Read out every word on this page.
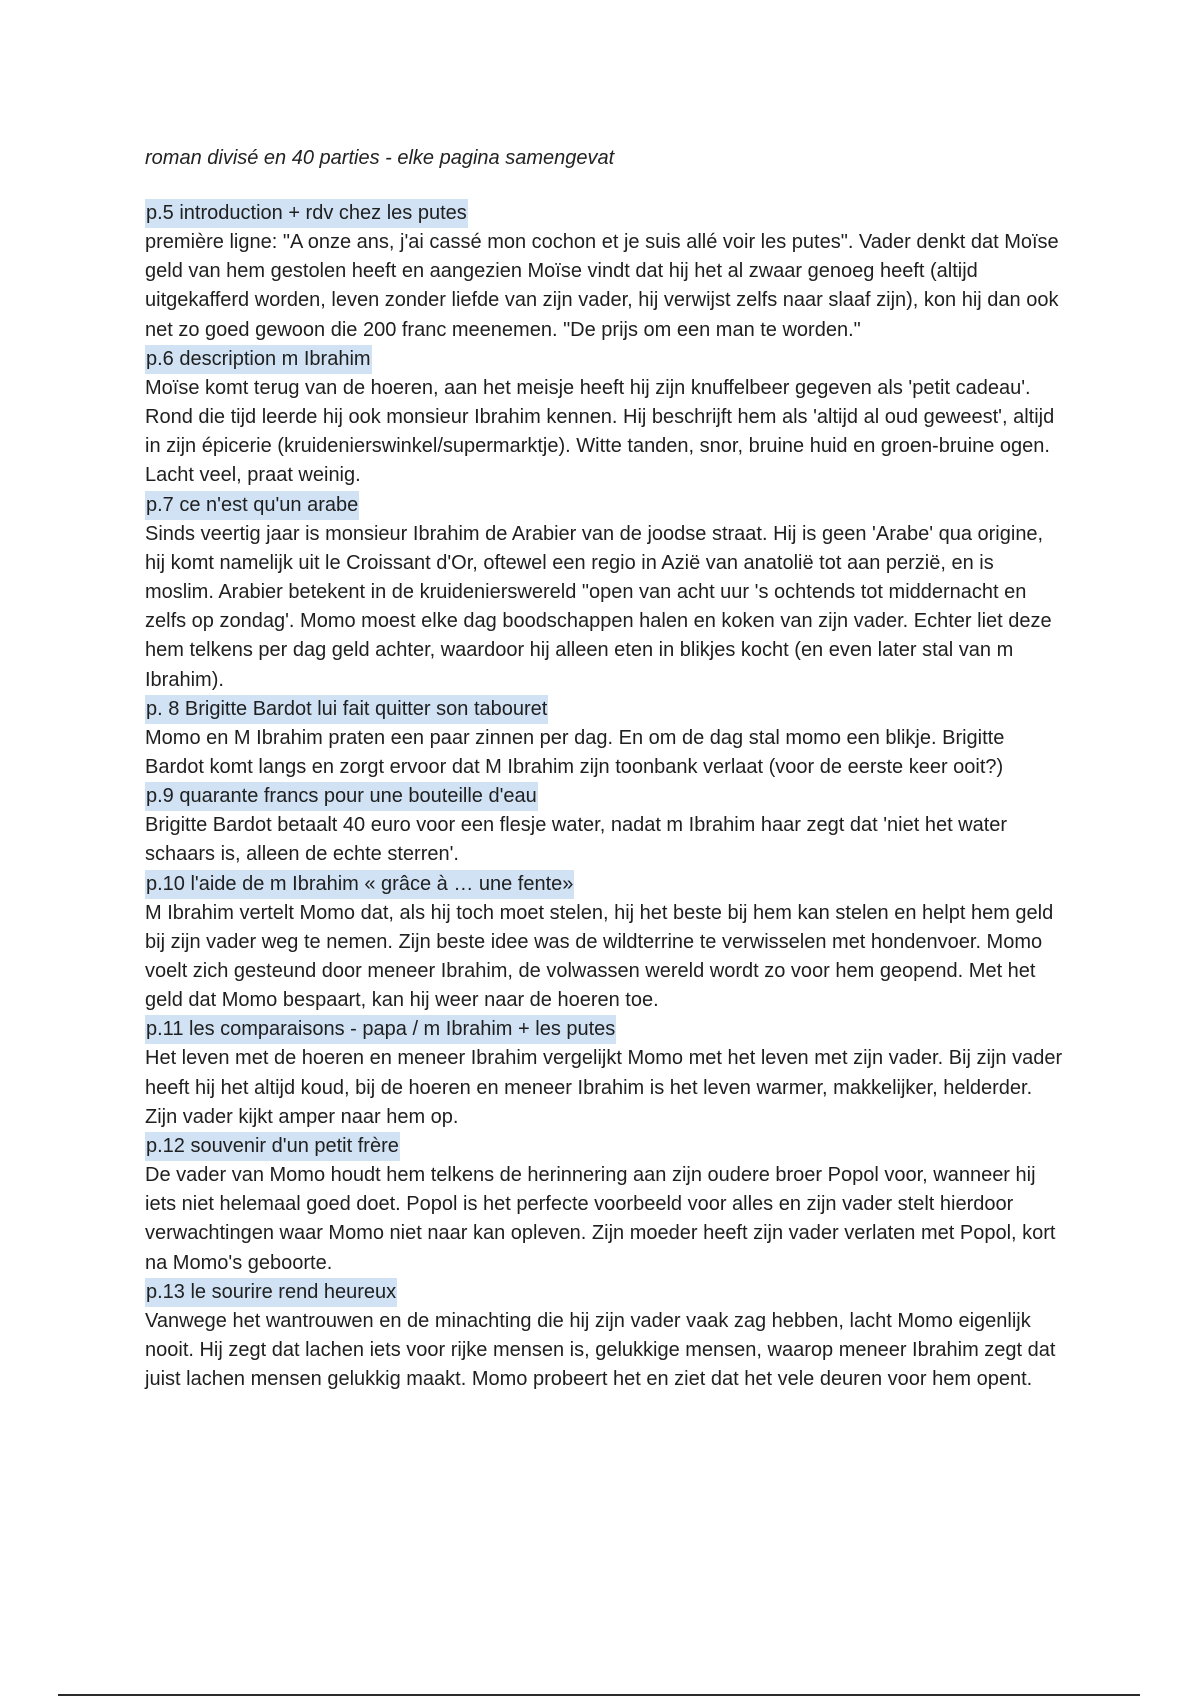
roman divisé en 40 parties - elke pagina samengevat

p.5 introduction + rdv chez les putes

première ligne: "A onze ans, j'ai cassé mon cochon et je suis allé voir les putes". Vader denkt dat Moïse geld van hem gestolen heeft en aangezien Moïse vindt dat hij het al zwaar genoeg heeft (altijd uitgekafferd worden, leven zonder liefde van zijn vader, hij verwijst zelfs naar slaaf zijn), kon hij dan ook net zo goed gewoon die 200 franc meenemen. "De prijs om een man te worden."

p.6 description m Ibrahim

Moïse komt terug van de hoeren, aan het meisje heeft hij zijn knuffelbeer gegeven als 'petit cadeau'. Rond die tijd leerde hij ook monsieur Ibrahim kennen. Hij beschrijft hem als 'altijd al oud geweest', altijd in zijn épicerie (kruidenierswinkel/supermarktje). Witte tanden, snor, bruine huid en groen-bruine ogen. Lacht veel, praat weinig.

p.7 ce n'est qu'un arabe

Sinds veertig jaar is monsieur Ibrahim de Arabier van de joodse straat. Hij is geen 'Arabe' qua origine, hij komt namelijk uit le Croissant d'Or, oftewel een regio in Azië van anatolië tot aan perzië, en is moslim. Arabier betekent in de kruidenierswereld "open van acht uur 's ochtends tot middernacht en zelfs op zondag'. Momo moest elke dag boodschappen halen en koken van zijn vader. Echter liet deze hem telkens per dag geld achter, waardoor hij alleen eten in blikjes kocht (en even later stal van m Ibrahim).

p. 8 Brigitte Bardot lui fait quitter son tabouret

Momo en M Ibrahim praten een paar zinnen per dag. En om de dag stal momo een blikje. Brigitte Bardot komt langs en zorgt ervoor dat M Ibrahim zijn toonbank verlaat (voor de eerste keer ooit?)

p.9 quarante francs pour une bouteille d'eau

Brigitte Bardot betaalt 40 euro voor een flesje water, nadat m Ibrahim haar zegt dat 'niet het water schaars is, alleen de echte sterren'.

p.10 l'aide de m Ibrahim « grâce à … une fente»

M Ibrahim vertelt Momo dat, als hij toch moet stelen, hij het beste bij hem kan stelen en helpt hem geld bij zijn vader weg te nemen. Zijn beste idee was de wildterrine te verwisselen met hondenvoer. Momo voelt zich gesteund door meneer Ibrahim, de volwassen wereld wordt zo voor hem geopend. Met het geld dat Momo bespaart, kan hij weer naar de hoeren toe.

p.11 les comparaisons - papa / m Ibrahim + les putes

Het leven met de hoeren en meneer Ibrahim vergelijkt Momo met het leven met zijn vader. Bij zijn vader heeft hij het altijd koud, bij de hoeren en meneer Ibrahim is het leven warmer, makkelijker, helderder. Zijn vader kijkt amper naar hem op.

p.12 souvenir d'un petit frère

De vader van Momo houdt hem telkens de herinnering aan zijn oudere broer Popol voor, wanneer hij iets niet helemaal goed doet. Popol is het perfecte voorbeeld voor alles en zijn vader stelt hierdoor verwachtingen waar Momo niet naar kan opleven. Zijn moeder heeft zijn vader verlaten met Popol, kort na Momo's geboorte.

p.13 le sourire rend heureux

Vanwege het wantrouwen en de minachting die hij zijn vader vaak zag hebben, lacht Momo eigenlijk nooit. Hij zegt dat lachen iets voor rijke mensen is, gelukkige mensen, waarop meneer Ibrahim zegt dat juist lachen mensen gelukkig maakt. Momo probeert het en ziet dat het vele deuren voor hem opent.
